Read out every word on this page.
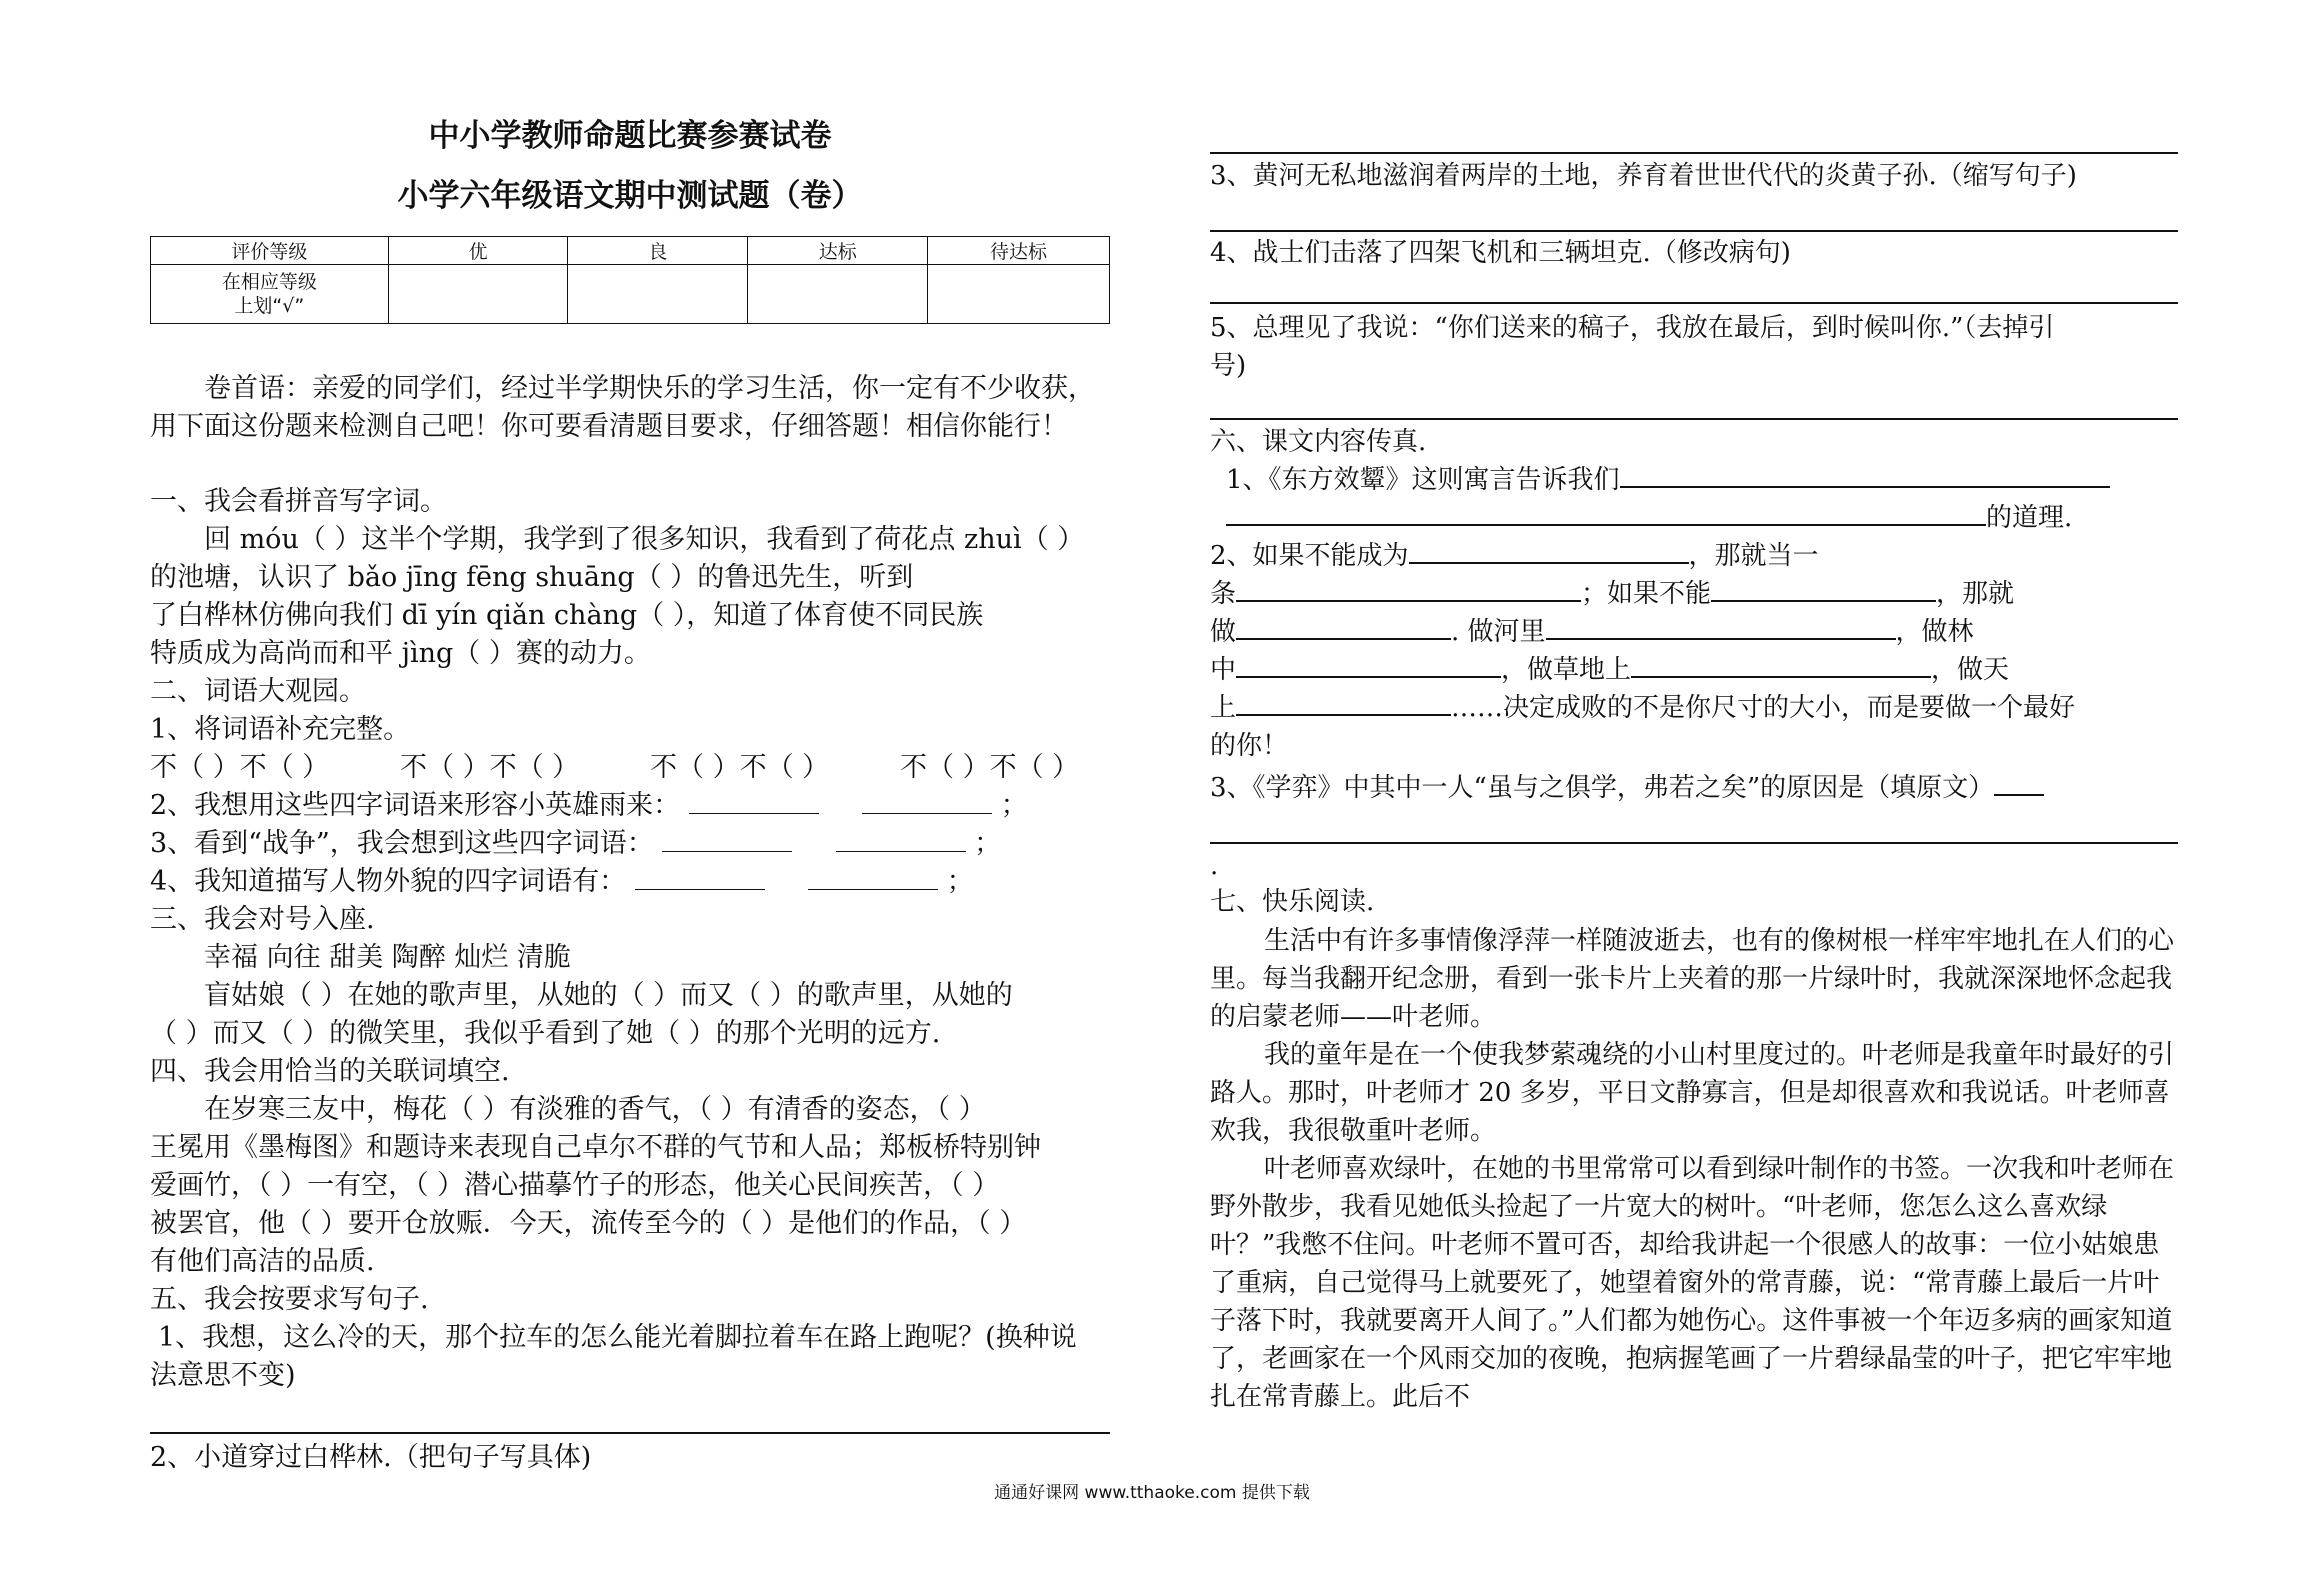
中小学教师命题比赛参赛试卷
小学六年级语文期中测试题（卷）
评价等级	优	良	达标	待达标

在相应等级
上划“√”				

卷首语：亲爱的同学们，经过半学期快乐的学习生活，你一定有不少收获，用下面这份题来检测自己吧！你可要看清题目要求，仔细答题！相信你能行！
一、我会看拼音写字词。
回 móu（ ）这半个学期，我学到了很多知识，我看到了荷花点 zhuì（ ）
的池塘，认识了 bǎo jīng fēng shuāng（ ）的鲁迅先生，听到
了白桦林仿佛向我们 dī yín qiǎn chàng（ ），知道了体育使不同民族
特质成为高尚而和平 jìng（ ）赛的动力。
二、词语大观园。
1、将词语补充完整。
不（ ）不（ ）	不（ ）不（ ）	不（ ）不（ ）	不（ ）不（ ）
2、我想用这些四字词语来形容小英雄雨来：	；
3、看到“战争”，我会想到这些四字词语：	；
4、我知道描写人物外貌的四字词语有：	；
三、我会对号入座.
幸福 向往 甜美 陶醉 灿烂 清脆
盲姑娘（ ）在她的歌声里，从她的（ ）而又（ ）的歌声里，从她的
（ ）而又（ ）的微笑里，我似乎看到了她（ ）的那个光明的远方.
四、我会用恰当的关联词填空.
在岁寒三友中，梅花（ ）有淡雅的香气，（ ）有清香的姿态，（ ）
王冕用《墨梅图》和题诗来表现自己卓尔不群的气节和人品；郑板桥特别钟
爱画竹，（ ）一有空，（ ）潜心描摹竹子的形态，他关心民间疾苦，（ ）
被罢官，他（ ）要开仓放赈．今天，流传至今的（ ）是他们的作品，（ ）
有他们高洁的品质.
五、我会按要求写句子.
1、我想，这么冷的天，那个拉车的怎么能光着脚拉着车在路上跑呢？(换种说
法意思不变)
2、小道穿过白桦林.（把句子写具体)
3、黄河无私地滋润着两岸的土地，养育着世世代代的炎黄子孙.（缩写句子)
4、战士们击落了四架飞机和三辆坦克.（修改病句)
5、总理见了我说：“你们送来的稿子，我放在最后，到时候叫你.”（去掉引
号)
六、课文内容传真.
1、《东方效颦》这则寓言告诉我们
的道理.
2、如果不能成为	，那就当一
条	；如果不能	，那就
做	. 做河里	，做林
中	，做草地上	，做天
上	……决定成败的不是你尺寸的大小，而是要做一个最好
的你！
3、《学弈》中其中一人“虽与之俱学，弗若之矣”的原因是（填原文）
.
七、快乐阅读.
生活中有许多事情像浮萍一样随波逝去，也有的像树根一样牢牢地扎在人们的心里。每当我翻开纪念册，看到一张卡片上夹着的那一片绿叶时，我就深深地怀念起我的启蒙老师——叶老师。
我的童年是在一个使我梦萦魂绕的小山村里度过的。叶老师是我童年时最好的引路人。那时，叶老师才 20 多岁，平日文静寡言，但是却很喜欢和我说话。叶老师喜欢我，我很敬重叶老师。
叶老师喜欢绿叶，在她的书里常常可以看到绿叶制作的书签。一次我和叶老师在野外散步，我看见她低头捡起了一片宽大的树叶。“叶老师，您怎么这么喜欢绿叶？”我憋不住问。叶老师不置可否，却给我讲起一个很感人的故事：一位小姑娘患了重病，自己觉得马上就要死了，她望着窗外的常青藤，说：“常青藤上最后一片叶子落下时，我就要离开人间了。”人们都为她伤心。这件事被一个年迈多病的画家知道了，老画家在一个风雨交加的夜晚，抱病握笔画了一片碧绿晶莹的叶子，把它牢牢地扎在常青藤上。此后不
通通好课网 www.tthaoke.com 提供下载
